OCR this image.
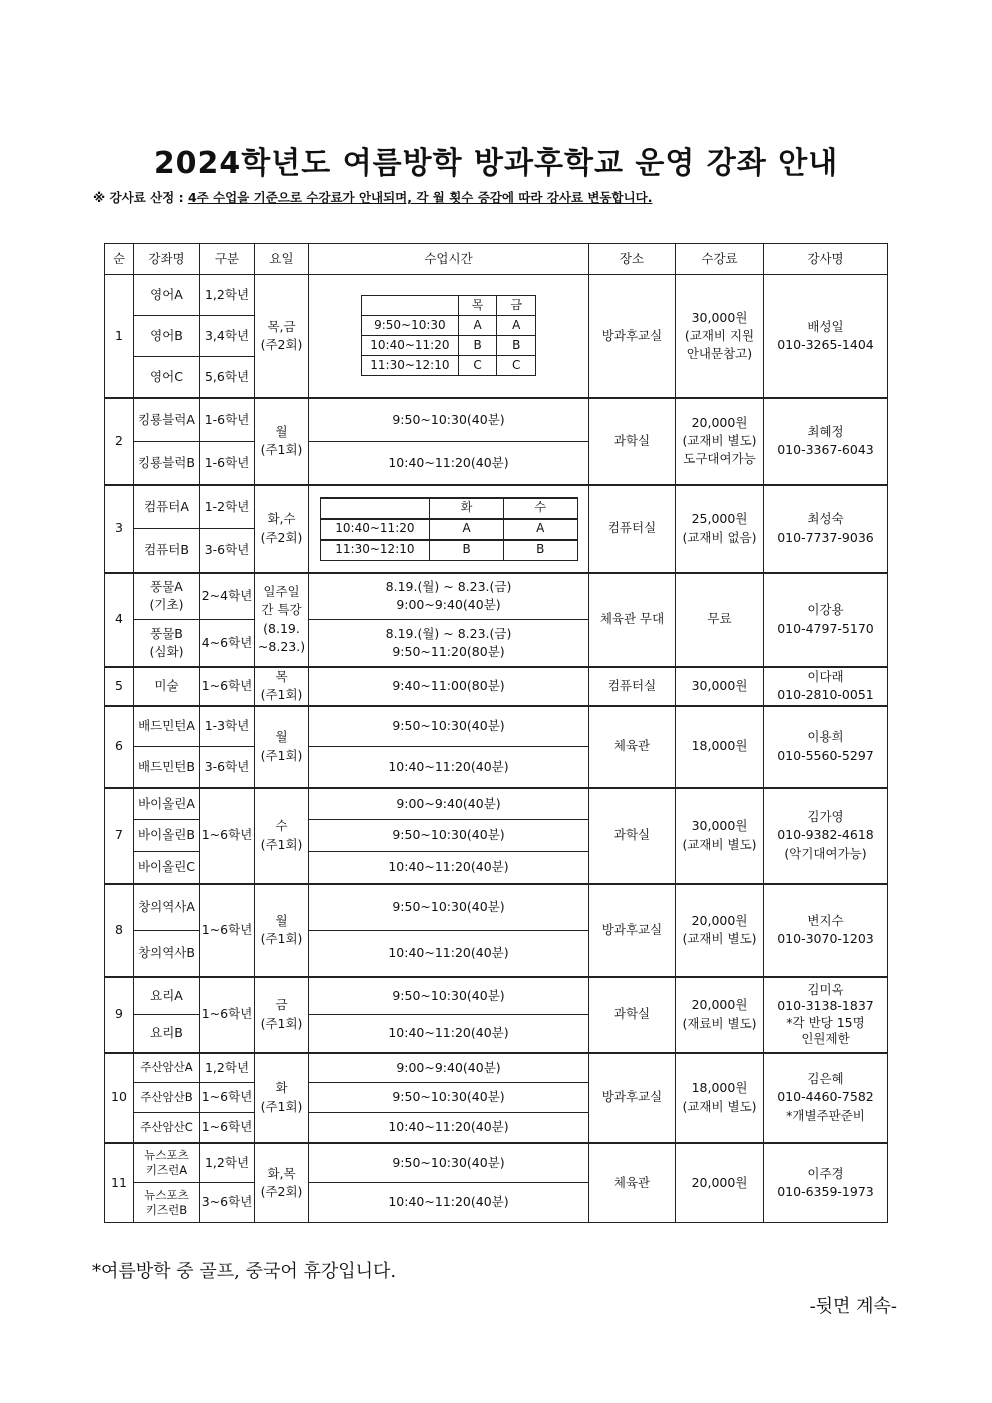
2024학년도 여름방학 방과후학교 운영 강좌 안내
※ 강사료 산정 : 4주 수업을 기준으로 수강료가 안내되며, 각 월 횟수 증감에 따라 강사료 변동합니다.
순	강좌명	구분	요일	수업시간	장소	수강료	강사명
1	영어A	1,2학년	목,금
(주2회)	
	목	금
9:50~10:30	A	A
10:40~11:20	B	B
11:30~12:10	C	C
	방과후교실	30,000원
(교재비 지원
안내문참고)	배성일
010-3265-1404
영어B	3,4학년
영어C	5,6학년
2	킹룡블럭A	1-6학년	월
(주1회)	9:50~10:30(40분)	과학실	20,000원
(교재비 별도)
도구대여가능	최혜정
010-3367-6043
킹룡블럭B	1-6학년	10:40~11:20(40분)
3	컴퓨터A	1-2학년	화,수
(주2회)	
	화	수
10:40~11:20	A	A
11:30~12:10	B	B
	컴퓨터실	25,000원
(교재비 없음)	최성숙
010-7737-9036
컴퓨터B	3-6학년
4	풍물A
(기초)	2~4학년	일주일
간 특강
(8.19.
~8.23.)	8.19.(월) ~ 8.23.(금)
9:00~9:40(40분)	체육관 무대	무료	이강용
010-4797-5170
풍물B
(심화)	4~6학년	8.19.(월) ~ 8.23.(금)
9:50~11:20(80분)
5	미술	1~6학년	목
(주1회)	9:40~11:00(80분)	컴퓨터실	30,000원	이다래
010-2810-0051
6	배드민턴A	1-3학년	월
(주1회)	9:50~10:30(40분)	체육관	18,000원	이용희
010-5560-5297
배드민턴B	3-6학년	10:40~11:20(40분)
7	바이올린A	1~6학년	수
(주1회)	9:00~9:40(40분)	과학실	30,000원
(교재비 별도)	김가영
010-9382-4618
(악기대여가능)
바이올린B	9:50~10:30(40분)
바이올린C	10:40~11:20(40분)
8	창의역사A	1~6학년	월
(주1회)	9:50~10:30(40분)	방과후교실	20,000원
(교재비 별도)	변지수
010-3070-1203
창의역사B	10:40~11:20(40분)
9	요리A	1~6학년	금
(주1회)	9:50~10:30(40분)	과학실	20,000원
(재료비 별도)	김미옥
010-3138-1837
*각 반당 15명
인원제한
요리B	10:40~11:20(40분)
10	주산암산A	1,2학년	화
(주1회)	9:00~9:40(40분)	방과후교실	18,000원
(교재비 별도)	김은혜
010-4460-7582
*개별주판준비
주산암산B	1~6학년	9:50~10:30(40분)
주산암산C	1~6학년	10:40~11:20(40분)
11	뉴스포츠
키즈런A	1,2학년	화,목
(주2회)	9:50~10:30(40분)	체육관	20,000원	이주경
010-6359-1973
뉴스포츠
키즈런B	3~6학년	10:40~11:20(40분)
*여름방학 중 골프, 중국어 휴강입니다.
-뒷면 계속-
